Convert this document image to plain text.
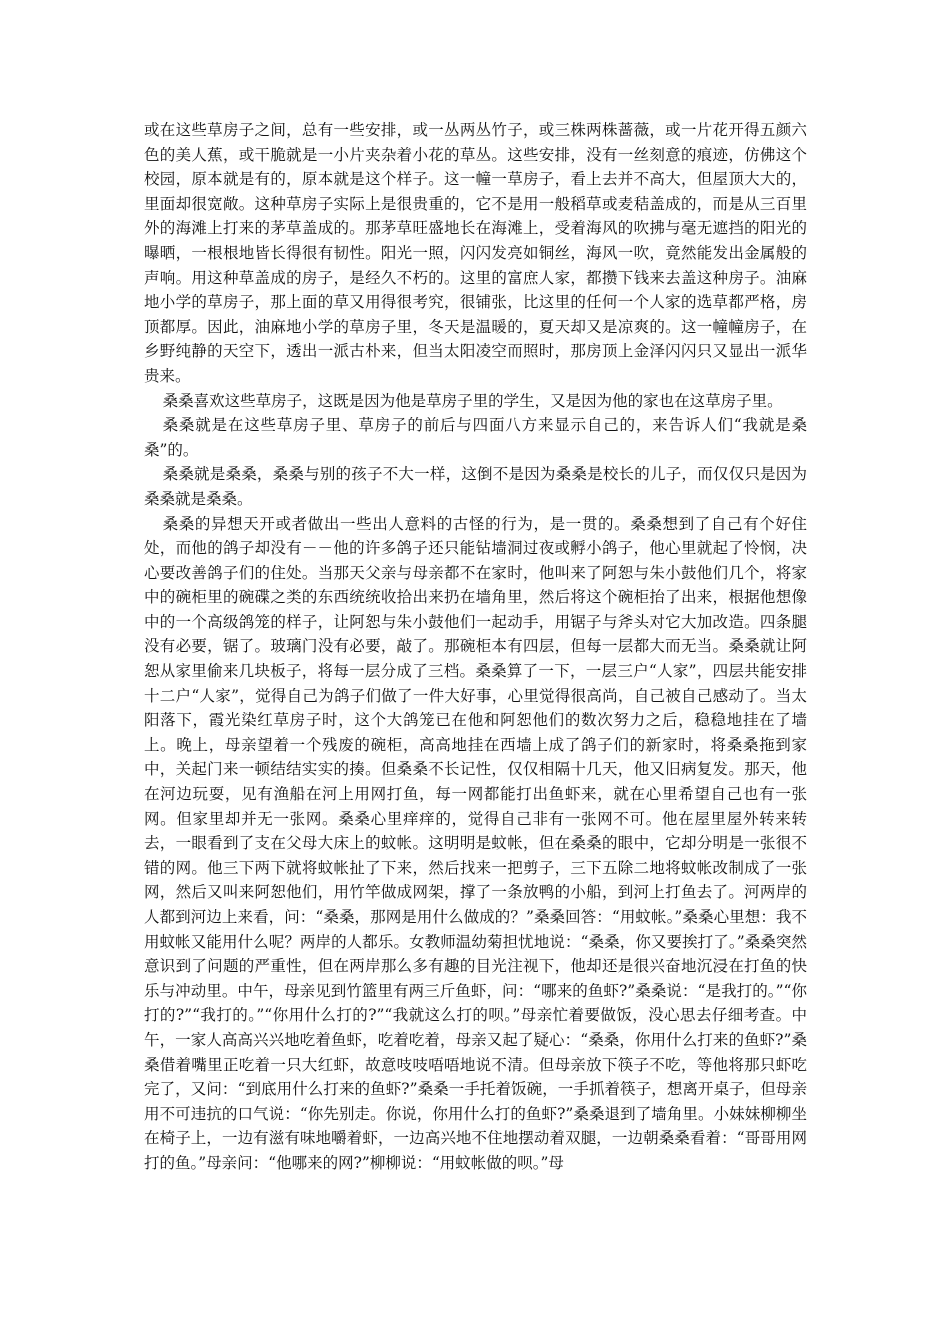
或在这些草房子之间，总有一些安排，或一丛两丛竹子，或三株两株蔷薇，或一片花开得五颜六色的美人蕉，或干脆就是一小片夹杂着小花的草丛。这些安排，没有一丝刻意的痕迹，仿佛这个校园，原本就是有的，原本就是这个样子。这一幢一草房子，看上去并不高大，但屋顶大大的，里面却很宽敞。这种草房子实际上是很贵重的，它不是用一般稻草或麦秸盖成的，而是从三百里外的海滩上打来的茅草盖成的。那茅草旺盛地长在海滩上，受着海风的吹拂与毫无遮挡的阳光的曝晒，一根根地皆长得很有韧性。阳光一照，闪闪发亮如铜丝，海风一吹，竟然能发出金属般的声响。用这种草盖成的房子，是经久不朽的。这里的富庶人家，都攒下钱来去盖这种房子。油麻地小学的草房子，那上面的草又用得很考究，很铺张，比这里的任何一个人家的选草都严格，房顶都厚。因此，油麻地小学的草房子里，冬天是温暖的，夏天却又是凉爽的。这一幢幢房子，在乡野纯静的天空下，透出一派古朴来，但当太阳凌空而照时，那房顶上金泽闪闪只又显出一派华贵来。

桑桑喜欢这些草房子，这既是因为他是草房子里的学生，又是因为他的家也在这草房子里。

桑桑就是在这些草房子里、草房子的前后与四面八方来显示自己的，来告诉人们“我就是桑桑”的。

桑桑就是桑桑，桑桑与别的孩子不大一样，这倒不是因为桑桑是校长的儿子，而仅仅只是因为桑桑就是桑桑。

桑桑的异想天开或者做出一些出人意料的古怪的行为，是一贯的。桑桑想到了自己有个好住处，而他的鸽子却没有－－他的许多鸽子还只能钻墙洞过夜或孵小鸽子，他心里就起了怜悯，决心要改善鸽子们的住处。当那天父亲与母亲都不在家时，他叫来了阿恕与朱小鼓他们几个，将家中的碗柜里的碗碟之类的东西统统收拾出来扔在墙角里，然后将这个碗柜抬了出来，根据他想像中的一个高级鸽笼的样子，让阿恕与朱小鼓他们一起动手，用锯子与斧头对它大加改造。四条腿没有必要，锯了。玻璃门没有必要，敲了。那碗柜本有四层，但每一层都大而无当。桑桑就让阿恕从家里偷来几块板子，将每一层分成了三档。桑桑算了一下，一层三户“人家”，四层共能安排十二户“人家”，觉得自己为鸽子们做了一件大好事，心里觉得很高尚，自己被自己感动了。当太阳落下，霞光染红草房子时，这个大鸽笼已在他和阿恕他们的数次努力之后，稳稳地挂在了墙上。晚上，母亲望着一个残废的碗柜，高高地挂在西墙上成了鸽子们的新家时，将桑桑拖到家中，关起门来一顿结结实实的揍。但桑桑不长记性，仅仅相隔十几天，他又旧病复发。那天，他在河边玩耍，见有渔船在河上用网打鱼，每一网都能打出鱼虾来，就在心里希望自己也有一张网。但家里却并无一张网。桑桑心里痒痒的，觉得自己非有一张网不可。他在屋里屋外转来转去，一眼看到了支在父母大床上的蚊帐。这明明是蚊帐，但在桑桑的眼中，它却分明是一张很不错的网。他三下两下就将蚊帐扯了下来，然后找来一把剪子，三下五除二地将蚊帐改制成了一张网，然后又叫来阿恕他们，用竹竿做成网架，撑了一条放鸭的小船，到河上打鱼去了。河两岸的人都到河边上来看，问：“桑桑，那网是用什么做成的？”桑桑回答：“用蚊帐。”桑桑心里想：我不用蚊帐又能用什么呢？两岸的人都乐。女教师温幼菊担忧地说：“桑桑，你又要挨打了。”桑桑突然意识到了问题的严重性，但在两岸那么多有趣的目光注视下，他却还是很兴奋地沉浸在打鱼的快乐与冲动里。中午，母亲见到竹篮里有两三斤鱼虾，问：“哪来的鱼虾?”桑桑说：“是我打的。”“你打的?”“我打的。”“你用什么打的?”“我就这么打的呗。”母亲忙着要做饭，没心思去仔细考查。中午，一家人高高兴兴地吃着鱼虾，吃着吃着，母亲又起了疑心：“桑桑，你用什么打来的鱼虾?”桑桑借着嘴里正吃着一只大红虾，故意吱吱唔唔地说不清。但母亲放下筷子不吃，等他将那只虾吃完了，又问：“到底用什么打来的鱼虾?”桑桑一手托着饭碗，一手抓着筷子，想离开桌子，但母亲用不可违抗的口气说：“你先别走。你说，你用什么打的鱼虾?”桑桑退到了墙角里。小妹妹柳柳坐在椅子上，一边有滋有味地嚼着虾，一边高兴地不住地摆动着双腿，一边朝桑桑看着：“哥哥用网打的鱼。”母亲问：“他哪来的网?”柳柳说：“用蚊帐做的呗。”母
